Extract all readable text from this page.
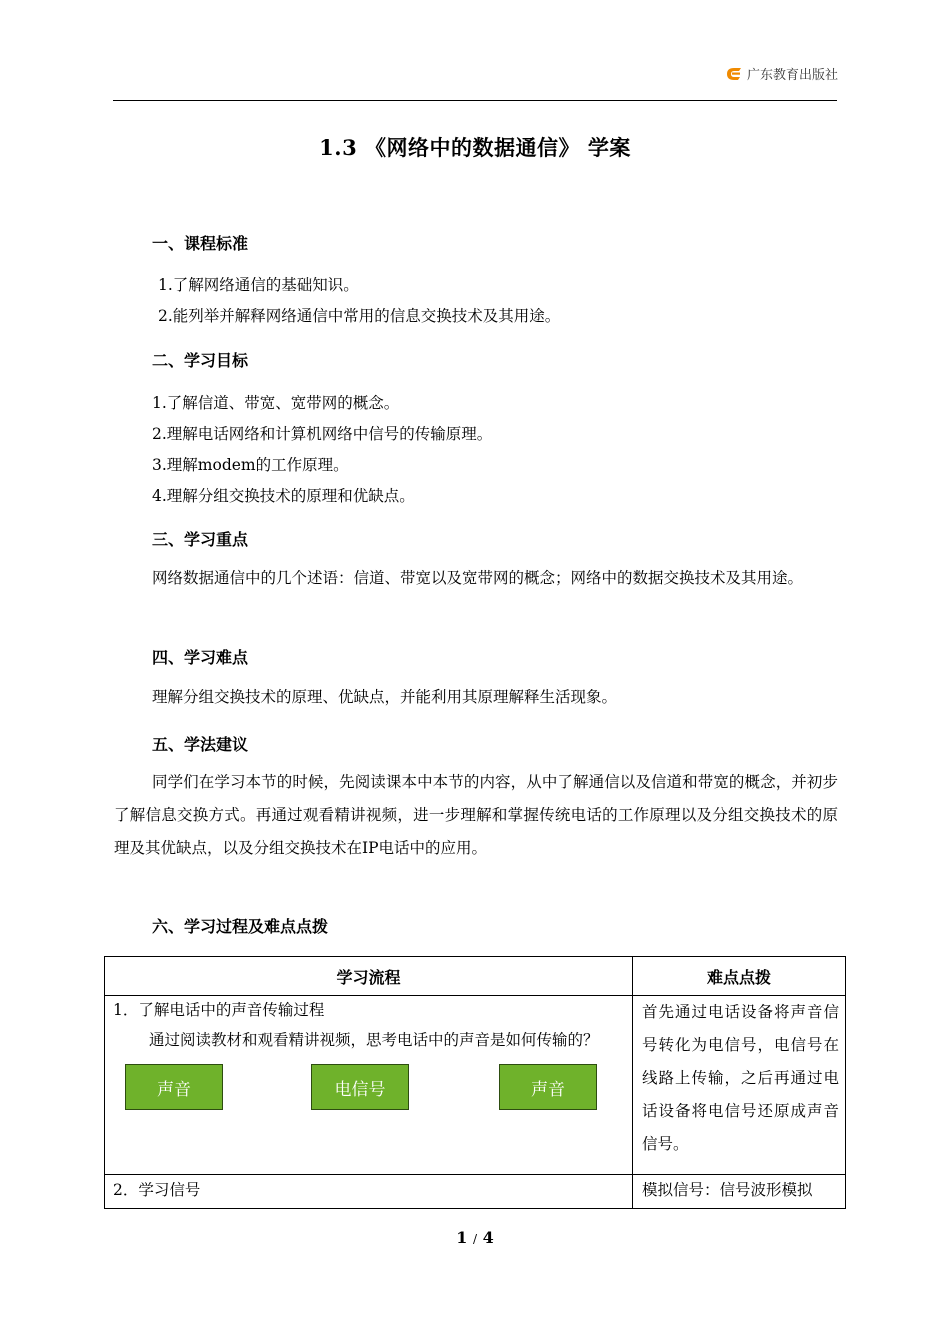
广东教育出版社
1.3 《网络中的数据通信》 学案
一、课程标准
1.了解网络通信的基础知识。
2.能列举并解释网络通信中常用的信息交换技术及其用途。
二、学习目标
1.了解信道、带宽、宽带网的概念。
2.理解电话网络和计算机网络中信号的传输原理。
3.理解modem的工作原理。
4.理解分组交换技术的原理和优缺点。
三、学习重点
网络数据通信中的几个述语：信道、带宽以及宽带网的概念；网络中的数据交换技术及其用途。
四、学习难点
理解分组交换技术的原理、优缺点，并能利用其原理解释生活现象。
五、学法建议
同学们在学习本节的时候，先阅读课本中本节的内容，从中了解通信以及信道和带宽的概念，并初步了解信息交换方式。再通过观看精讲视频，进一步理解和掌握传统电话的工作原理以及分组交换技术的原理及其优缺点，以及分组交换技术在IP电话中的应用。
六、学习过程及难点点拨
学习流程	难点点拨

1．了解电话中的声音传输过程
通过阅读教材和观看精讲视频，思考电话中的声音是如何传输的？
声音 电信号 声音	首先通过电话设备将声音信号转化为电信号，电信号在线路上传输，之后再通过电话设备将电信号还原成声音信号。

2．学习信号	模拟信号：信号波形模拟
1 / 4
